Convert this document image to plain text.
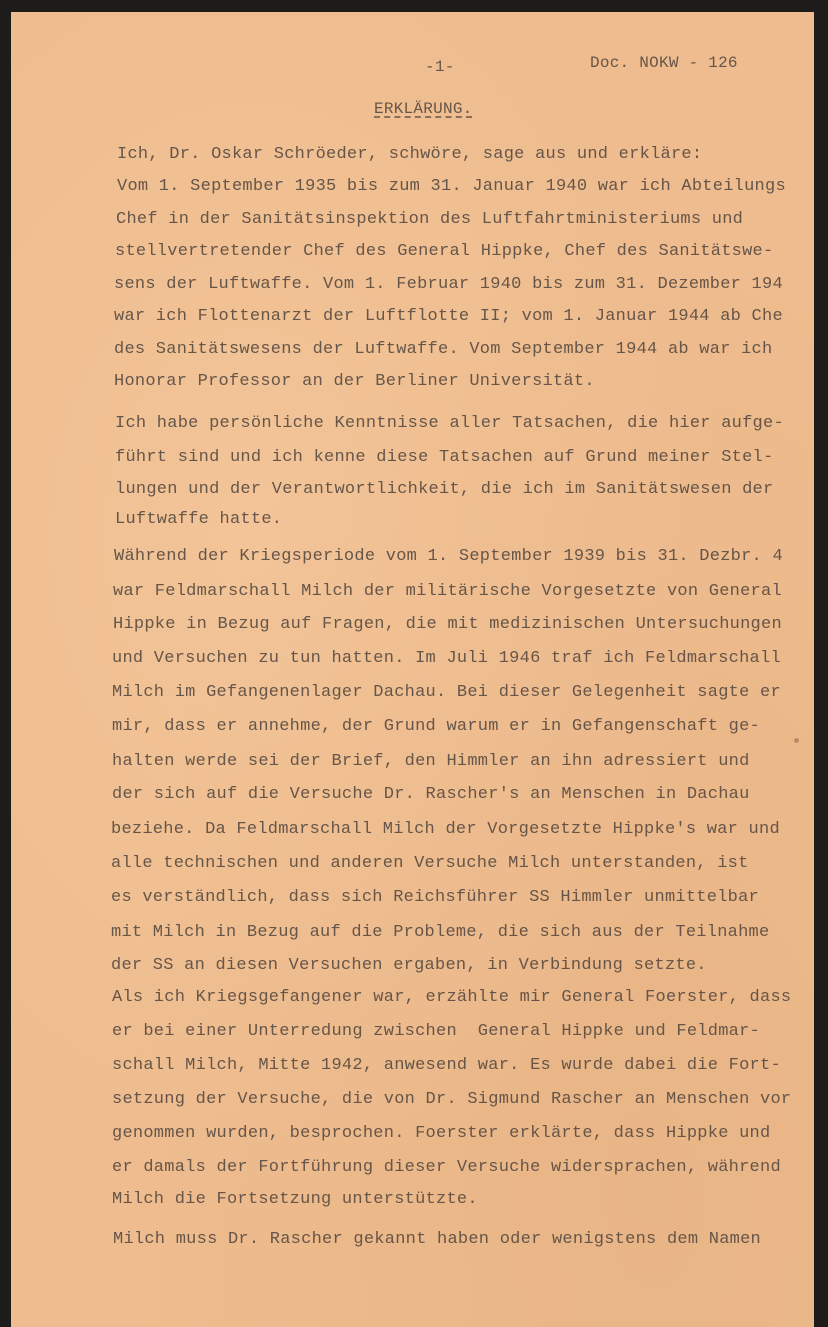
-1-	Doc. NOKW - 126
ERKLÄRUNG.
Ich, Dr. Oskar Schröeder, schwöre, sage aus und erkläre:
Vom 1. September 1935 bis zum 31. Januar 1940 war ich Abteilungs
Chef in der Sanitätsinspektion des Luftfahrtministeriums und
stellvertretender Chef des General Hippke, Chef des Sanitätswe-
sens der Luftwaffe. Vom 1. Februar 1940 bis zum 31. Dezember 194
war ich Flottenarzt der Luftflotte II; vom 1. Januar 1944 ab Che
des Sanitätswesens der Luftwaffe. Vom September 1944 ab war ich
Honorar Professor an der Berliner Universität.
Ich habe persönliche Kenntnisse aller Tatsachen, die hier aufge-
führt sind und ich kenne diese Tatsachen auf Grund meiner Stel-
lungen und der Verantwortlichkeit, die ich im Sanitätswesen der
Luftwaffe hatte.
Während der Kriegsperiode vom 1. September 1939 bis 31. Dezbr. 4
war Feldmarschall Milch der militärische Vorgesetzte von General
Hippke in Bezug auf Fragen, die mit medizinischen Untersuchungen
und Versuchen zu tun hatten. Im Juli 1946 traf ich Feldmarschall
Milch im Gefangenenlager Dachau. Bei dieser Gelegenheit sagte er
mir, dass er annehme, der Grund warum er in Gefangenschaft ge-
halten werde sei der Brief, den Himmler an ihn adressiert und
der sich auf die Versuche Dr. Rascher's an Menschen in Dachau
beziehe. Da Feldmarschall Milch der Vorgesetzte Hippke's war und
alle technischen und anderen Versuche Milch unterstanden, ist
es verständlich, dass sich Reichsführer SS Himmler unmittelbar
mit Milch in Bezug auf die Probleme, die sich aus der Teilnahme
der SS an diesen Versuchen ergaben, in Verbindung setzte.
Als ich Kriegsgefangener war, erzählte mir General Foerster, dass
er bei einer Unterredung zwischen  General Hippke und Feldmar-
schall Milch, Mitte 1942, anwesend war. Es wurde dabei die Fort-
setzung der Versuche, die von Dr. Sigmund Rascher an Menschen vor
genommen wurden, besprochen. Foerster erklärte, dass Hippke und
er damals der Fortführung dieser Versuche widersprachen, während
Milch die Fortsetzung unterstützte.
Milch muss Dr. Rascher gekannt haben oder wenigstens dem Namen
